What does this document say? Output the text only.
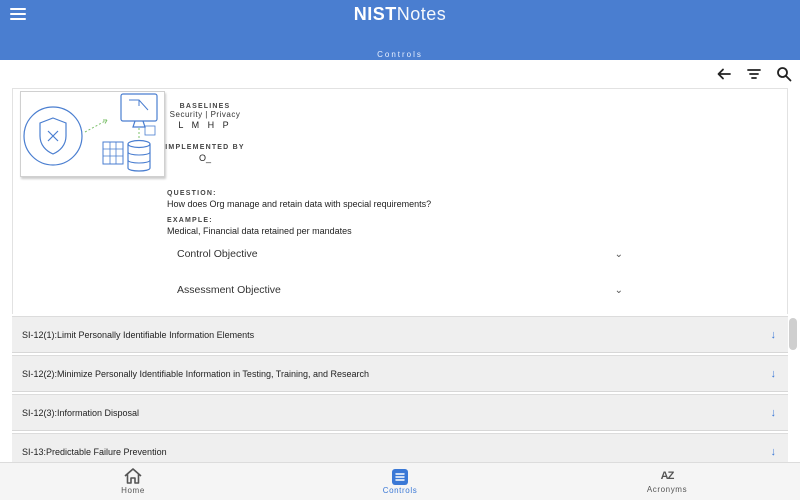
NISTNotes
Controls
BASELINES
Security | Privacy
L M H P
IMPLEMENTED BY
O_
QUESTION:
How does Org manage and retain data with special requirements?
EXAMPLE:
Medical, Financial data retained per mandates
Control Objective	⌄
Assessment Objective	⌄
SI-12(1):Limit Personally Identifiable Information Elements	↓
SI-12(2):Minimize Personally Identifiable Information in Testing, Training, and Research	↓
SI-12(3):Information Disposal	↓
SI-13:Predictable Failure Prevention	↓
Home	Controls
AZ
Acronyms
